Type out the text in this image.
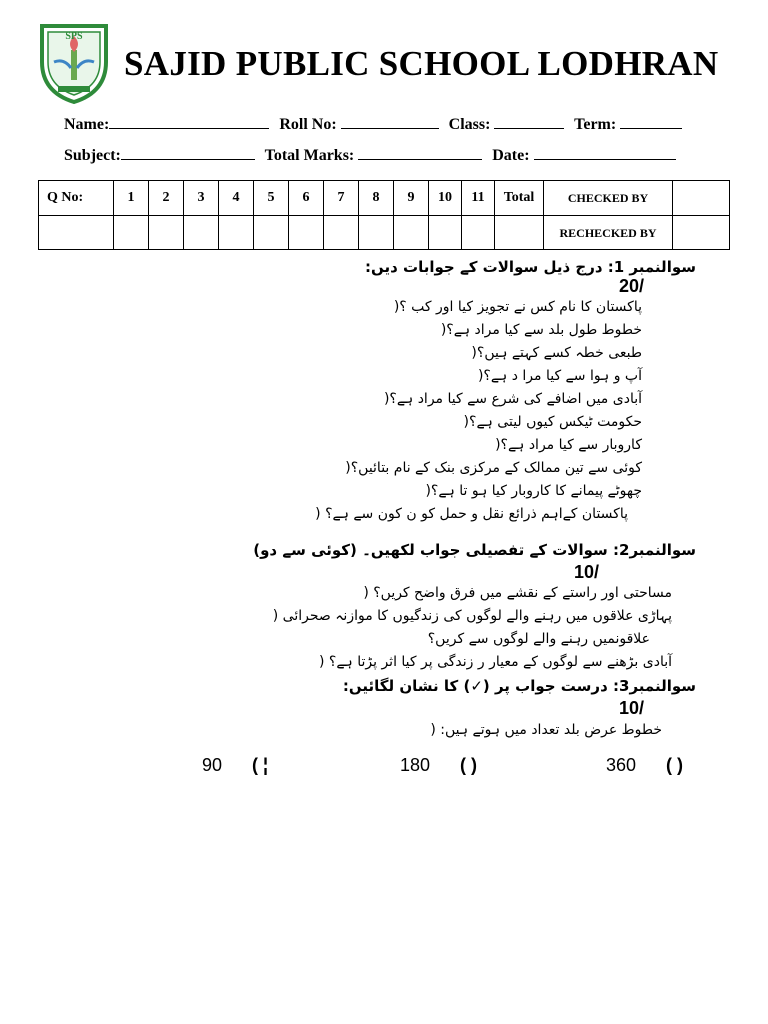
SPS
SAJID PUBLIC SCHOOL LODHRAN
Name:	Roll No:	Class:	Term:
Subject:	Total Marks:	Date:
Q No:	1	2	3	4	5	6	7	8	9	10	11	Total	CHECKED BY	
													RECHECKED BY	
سوالنمبر 1: درج ذیل سوالات کے جوابات دیں:
20/
پاکستان کا نام کس نے تجویز کیا اور کب ؟(
خطوط طول بلد سے کیا مراد ہے؟(
طبعی خطہ کسے کہتے ہیں؟(
آپ و ہوا سے کیا مرا د ہے؟(
آبادی میں اضافے کی شرع سے کیا مراد ہے؟(
حکومت ٹیکس کیوں لیتی ہے؟(
کاروبار سے کیا مراد ہے؟(
کوئی سے تین ممالک کے مرکزی بنک کے نام بتائیں؟(
چھوٹے پیمانے کا کاروبار کیا ہو تا ہے؟(
پاکستان کےاہم ذرائع نقل و حمل کو ن کون سے ہے؟ (
سوالنمبر2: سوالات کے تفصیلی جواب لکھیں۔ (کوئی سے دو)
10/
مساحتی اور راستے کے نقشے میں فرق واضح کریں؟ (
پہاڑی علاقوں میں رہنے والے لوگوں کی زندگیوں کا موازنہ صحرائی (
علاقونمیں رہنے والے لوگوں سے کریں؟
آبادی بڑھنے سے لوگوں کے معیار ر زندگی پر کیا اثر پڑتا ہے؟ (
سوالنمبر3: درست جواب پر (✓) کا نشان لگائیں:
10/
خطوط عرض بلد تعداد میں ہوتے ہیں: (
360 ( )
180 ( )
90 ( ¦
